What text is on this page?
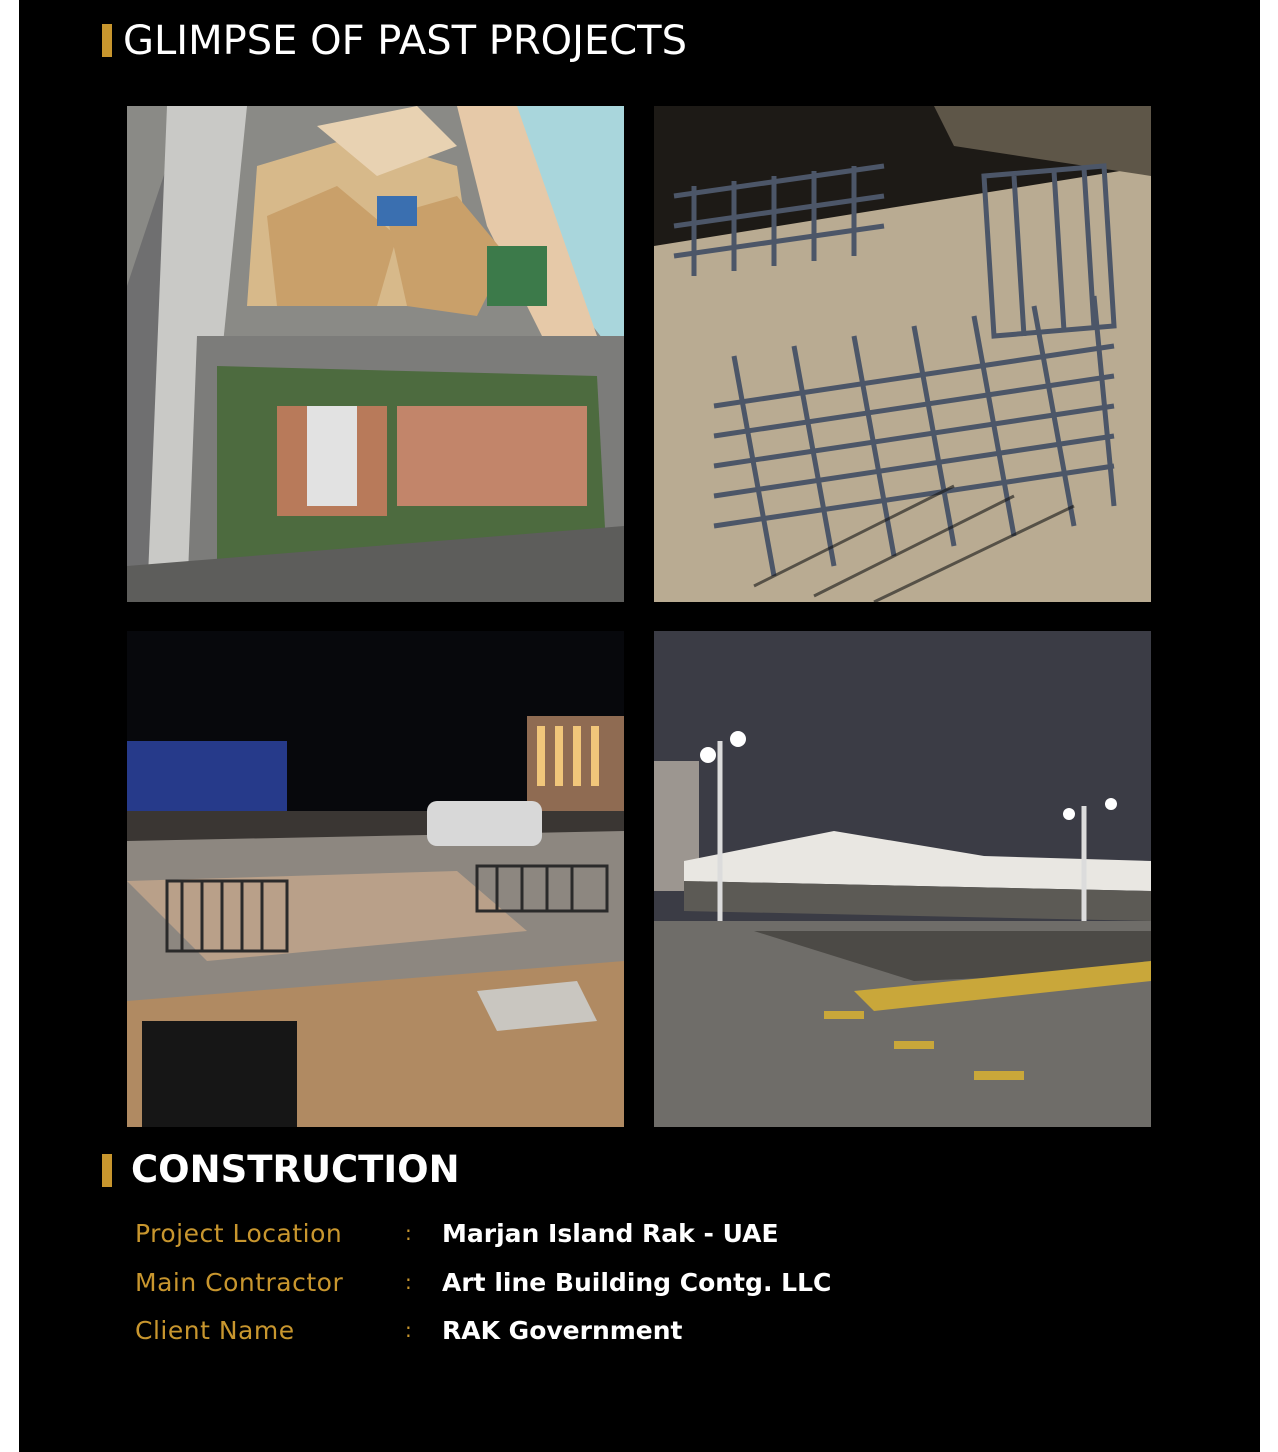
GLIMPSE OF PAST PROJECTS
CONSTRUCTION
Project Location	: Marjan Island Rak - UAE
Main Contractor	: Art line Building Contg. LLC
Client Name	: RAK Government
